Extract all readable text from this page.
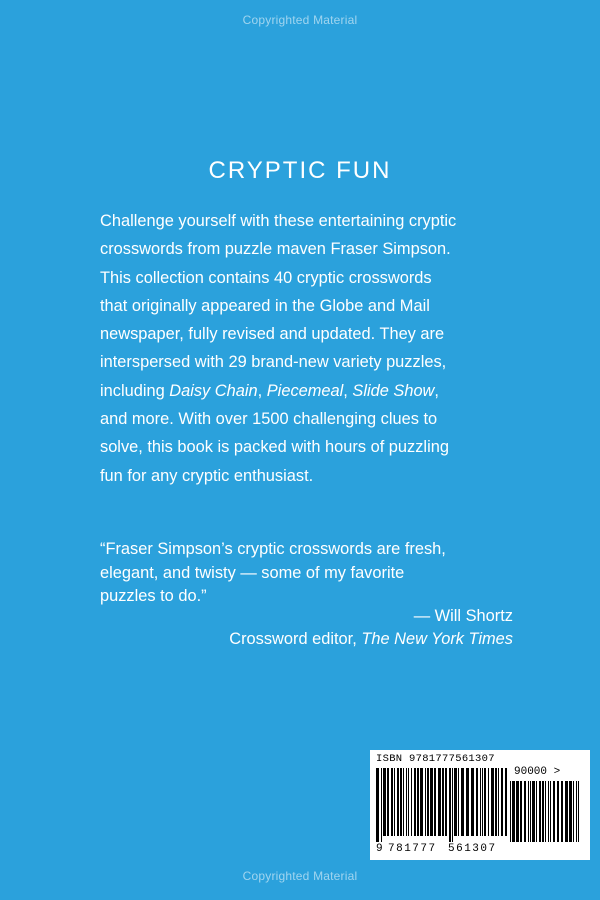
Copyrighted Material
CRYPTIC FUN

Challenge yourself with these entertaining cryptic
crosswords from puzzle maven Fraser Simpson.
This collection contains 40 cryptic crosswords
that originally appeared in the Globe and Mail
newspaper, fully revised and updated. They are
interspersed with 29 brand-new variety puzzles,
including Daisy Chain, Piecemeal, Slide Show,
and more. With over 1500 challenging clues to
solve, this book is packed with hours of puzzling
fun for any cryptic enthusiast.

“Fraser Simpson’s cryptic crosswords are fresh,
elegant, and twisty — some of my favorite
puzzles to do.”
— Will Shortz
Crossword editor, The New York Times
ISBN 9781777561307
90000 >
9 781777 561307
Copyrighted Material
